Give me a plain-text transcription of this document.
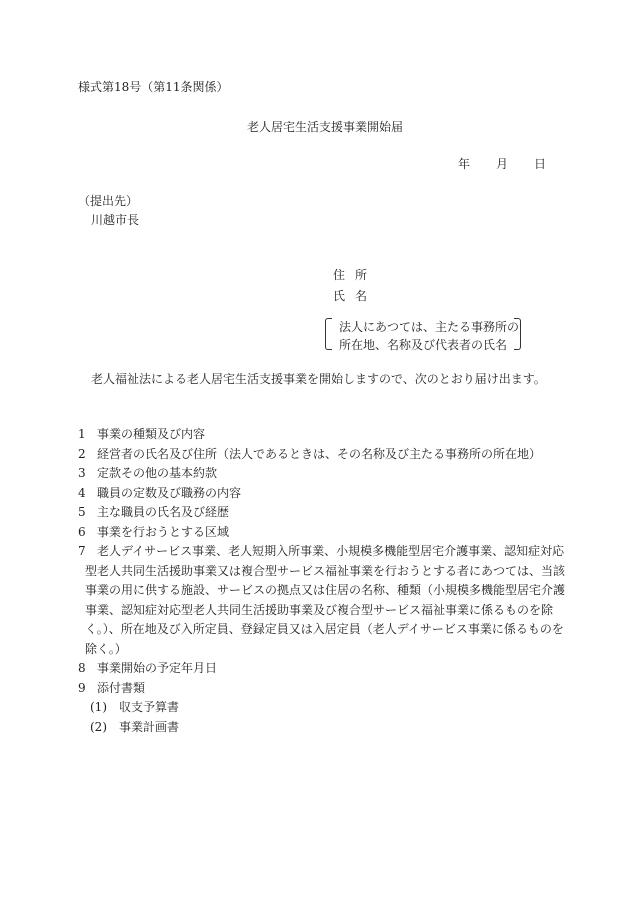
様式第18号（第11条関係）
老人居宅生活支援事業開始届
年 月 日
（提出先）
川越市長
住所
氏名
法人にあつては、主たる事務所の
所在地、名称及び代表者の氏名
老人福祉法による老人居宅生活支援事業を開始しますので、次のとおり届け出ます。
1 事業の種類及び内容
2 経営者の氏名及び住所（法人であるときは、その名称及び主たる事務所の所在地）
3 定款その他の基本約款
4 職員の定数及び職務の内容
5 主な職員の氏名及び経歴
6 事業を行おうとする区域
7 老人デイサービス事業、老人短期入所事業、小規模多機能型居宅介護事業、認知症対応
型老人共同生活援助事業又は複合型サービス福祉事業を行おうとする者にあつては、当該
事業の用に供する施設、サービスの拠点又は住居の名称、種類（小規模多機能型居宅介護
事業、認知症対応型老人共同生活援助事業及び複合型サービス福祉事業に係るものを除
く。）、所在地及び入所定員、登録定員又は入居定員（老人デイサービス事業に係るものを
除く。）
8 事業開始の予定年月日
9 添付書類
(1) 収支予算書
(2) 事業計画書
